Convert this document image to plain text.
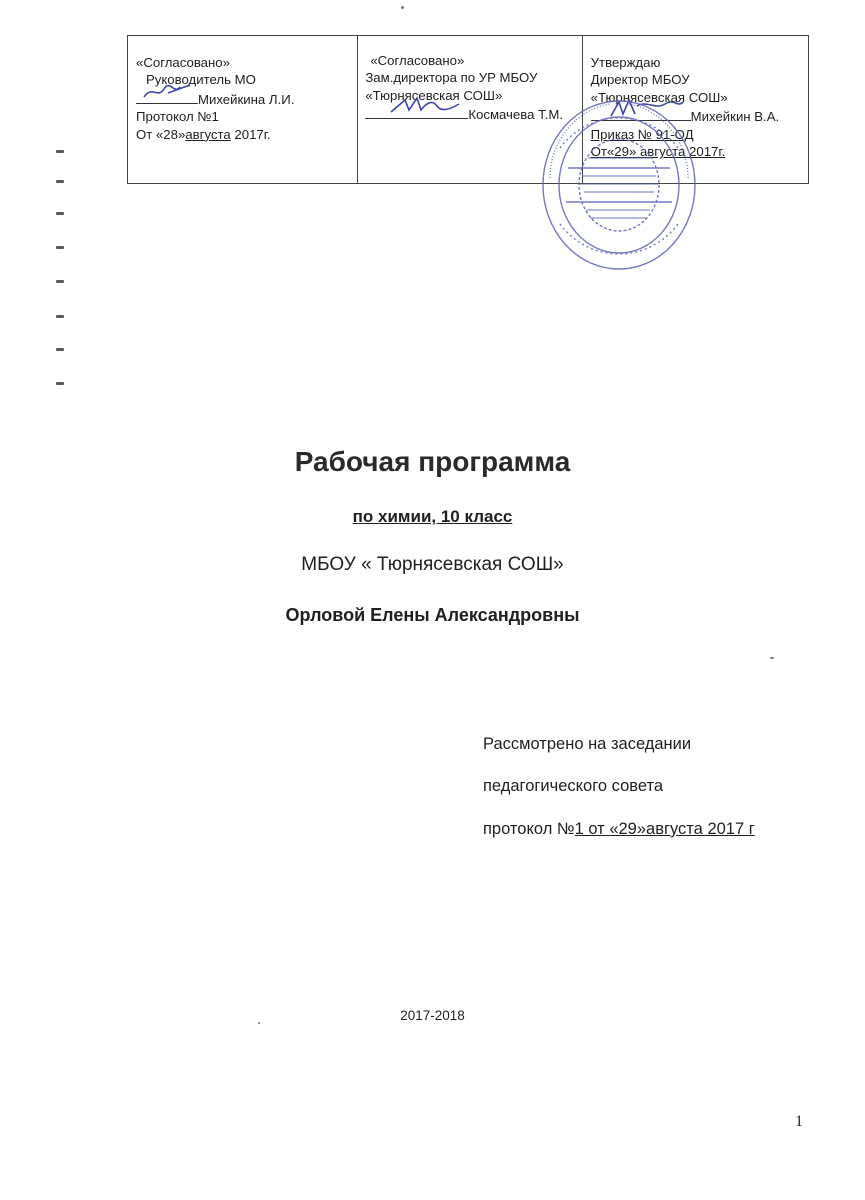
«Согласовано»
Руководитель МО
Михейкина Л.И.
Протокол №1
От «28»августа 2017г.
«Согласовано»
Зам.директора по УР МБОУ
«Тюрнясевская СОШ»
Космачева Т.М.
Утверждаю
Директор МБОУ
«Тюрнясевская СОШ»
Михейкин В.А.
Приказ № 91-ОД
От«29» августа 2017г.
Рабочая программа
по химии, 10 класс
МБОУ « Тюрнясевская СОШ»
Орловой Елены Александровны
Рассмотрено на заседании
педагогического совета
протокол №1 от «29»августа 2017 г
2017-2018
1
